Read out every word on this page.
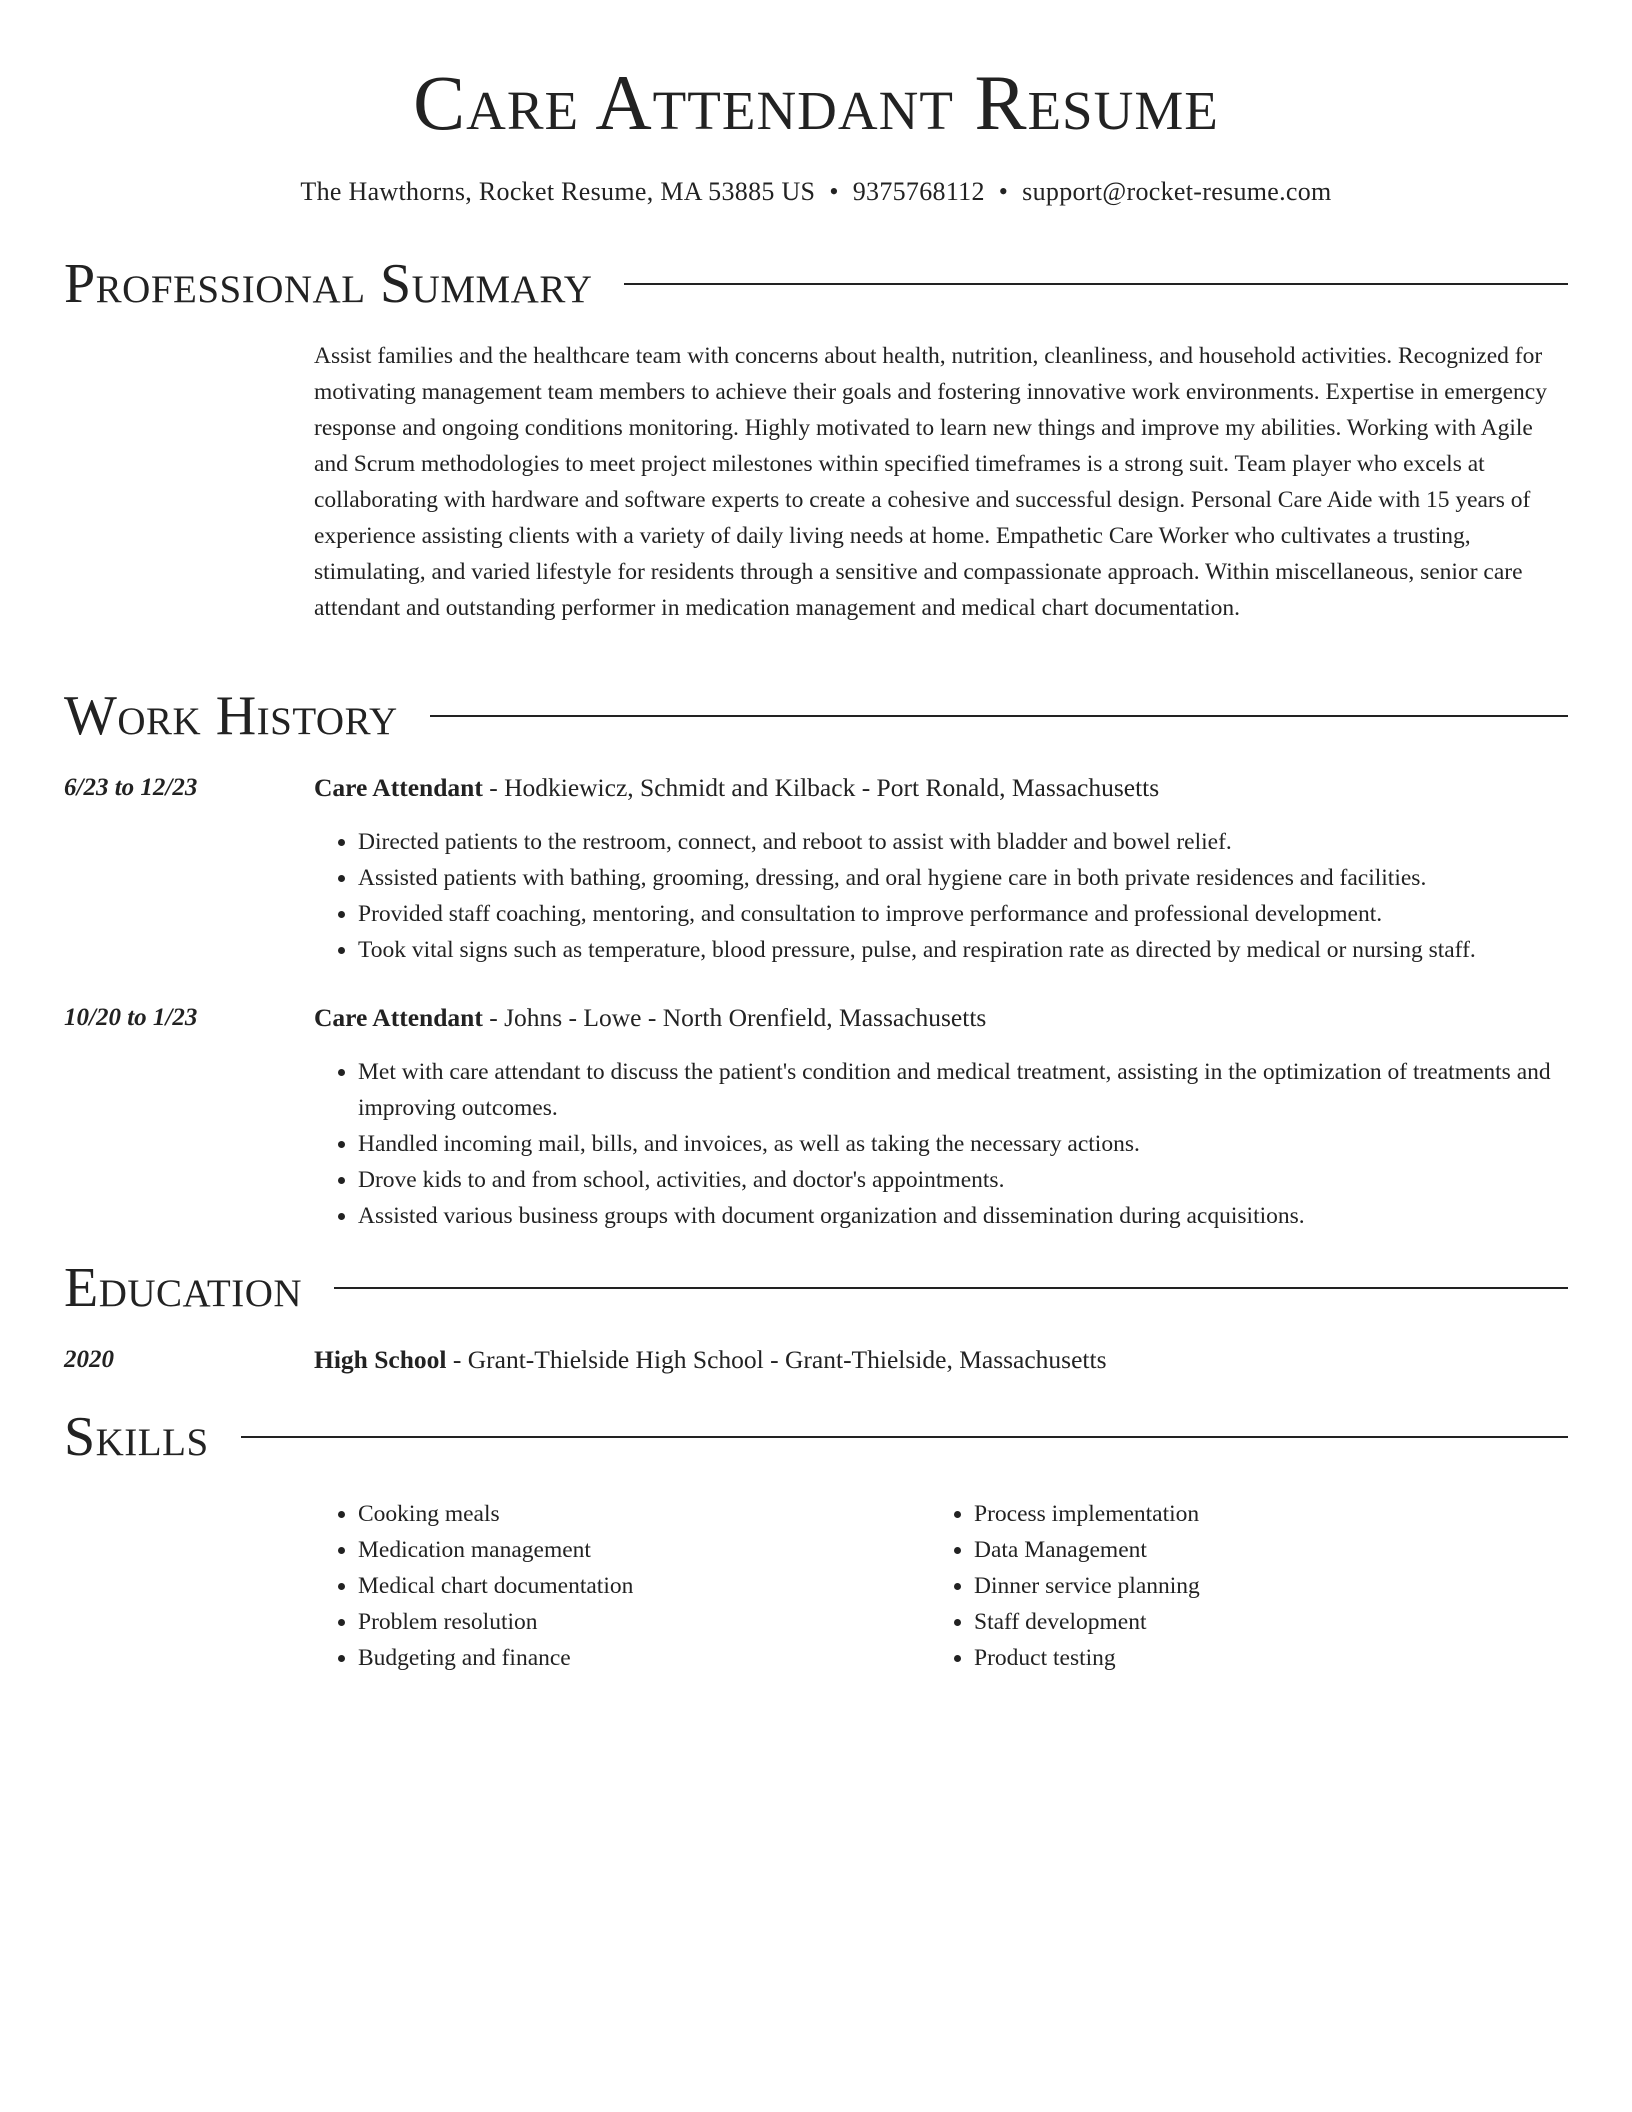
Care Attendant Resume
The Hawthorns, Rocket Resume, MA 53885 US • 9375768112 • support@rocket-resume.com
Professional Summary

Assist families and the healthcare team with concerns about health, nutrition, cleanliness, and household activities. Recognized for motivating management team members to achieve their goals and fostering innovative work environments. Expertise in emergency response and ongoing conditions monitoring. Highly motivated to learn new things and improve my abilities. Working with Agile and Scrum methodologies to meet project milestones within specified timeframes is a strong suit. Team player who excels at collaborating with hardware and software experts to create a cohesive and successful design. Personal Care Aide with 15 years of experience assisting clients with a variety of daily living needs at home. Empathetic Care Worker who cultivates a trusting, stimulating, and varied lifestyle for residents through a sensitive and compassionate approach. Within miscellaneous, senior care attendant and outstanding performer in medication management and medical chart documentation.

Work History
6/23 to 12/23	Care Attendant - Hodkiewicz, Schmidt and Kilback - Port Ronald, Massachusetts
• Directed patients to the restroom, connect, and reboot to assist with bladder and bowel relief.
• Assisted patients with bathing, grooming, dressing, and oral hygiene care in both private residences and facilities.
• Provided staff coaching, mentoring, and consultation to improve performance and professional development.
• Took vital signs such as temperature, blood pressure, pulse, and respiration rate as directed by medical or nursing staff.
10/20 to 1/23	Care Attendant - Johns - Lowe - North Orenfield, Massachusetts
• Met with care attendant to discuss the patient's condition and medical treatment, assisting in the optimization of treatments and improving outcomes.
• Handled incoming mail, bills, and invoices, as well as taking the necessary actions.
• Drove kids to and from school, activities, and doctor's appointments.
• Assisted various business groups with document organization and dissemination during acquisitions.
Education
2020	High School - Grant-Thielside High School - Grant-Thielside, Massachusetts
Skills
• Cooking meals
• Medication management
• Medical chart documentation
• Problem resolution
• Budgeting and finance
• Process implementation
• Data Management
• Dinner service planning
• Staff development
• Product testing
